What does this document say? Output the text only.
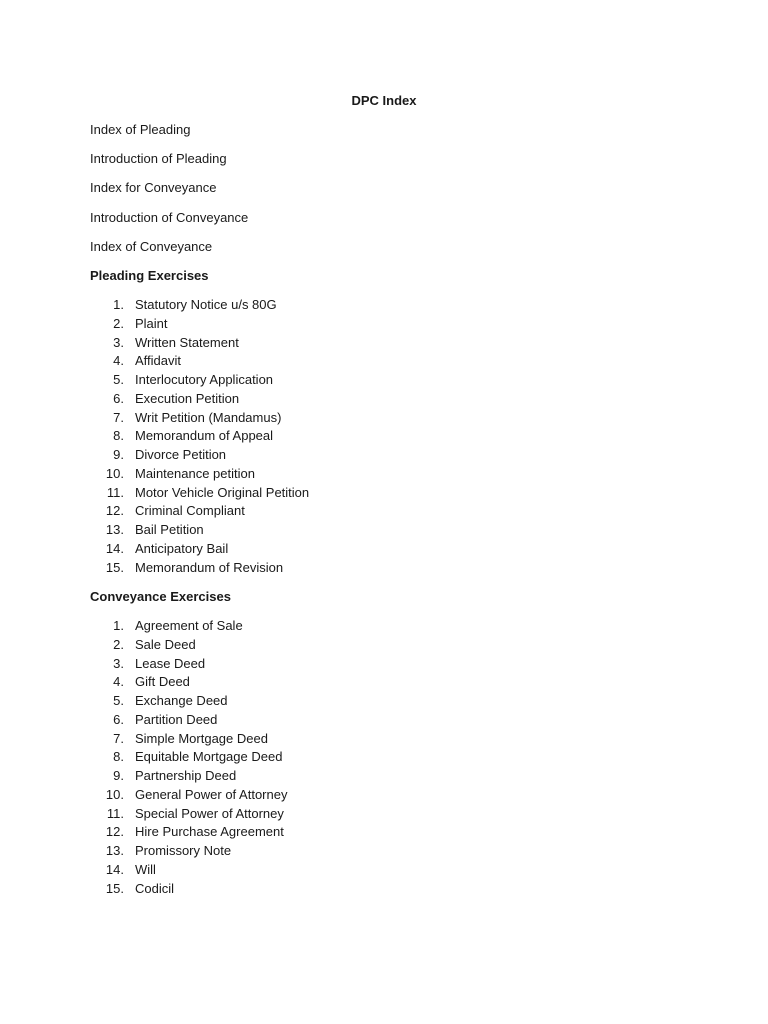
DPC Index
Index of Pleading
Introduction of Pleading
Index for Conveyance
Introduction of Conveyance
Index of Conveyance
Pleading Exercises
1. Statutory Notice u/s 80G
2. Plaint
3. Written Statement
4. Affidavit
5. Interlocutory Application
6. Execution Petition
7. Writ Petition (Mandamus)
8. Memorandum of Appeal
9. Divorce Petition
10. Maintenance petition
11. Motor Vehicle Original Petition
12. Criminal Compliant
13. Bail Petition
14. Anticipatory Bail
15. Memorandum of Revision
Conveyance Exercises
1. Agreement of Sale
2. Sale Deed
3. Lease Deed
4. Gift Deed
5. Exchange Deed
6. Partition Deed
7. Simple Mortgage Deed
8. Equitable Mortgage Deed
9. Partnership Deed
10. General Power of Attorney
11. Special Power of Attorney
12. Hire Purchase Agreement
13. Promissory Note
14. Will
15. Codicil
